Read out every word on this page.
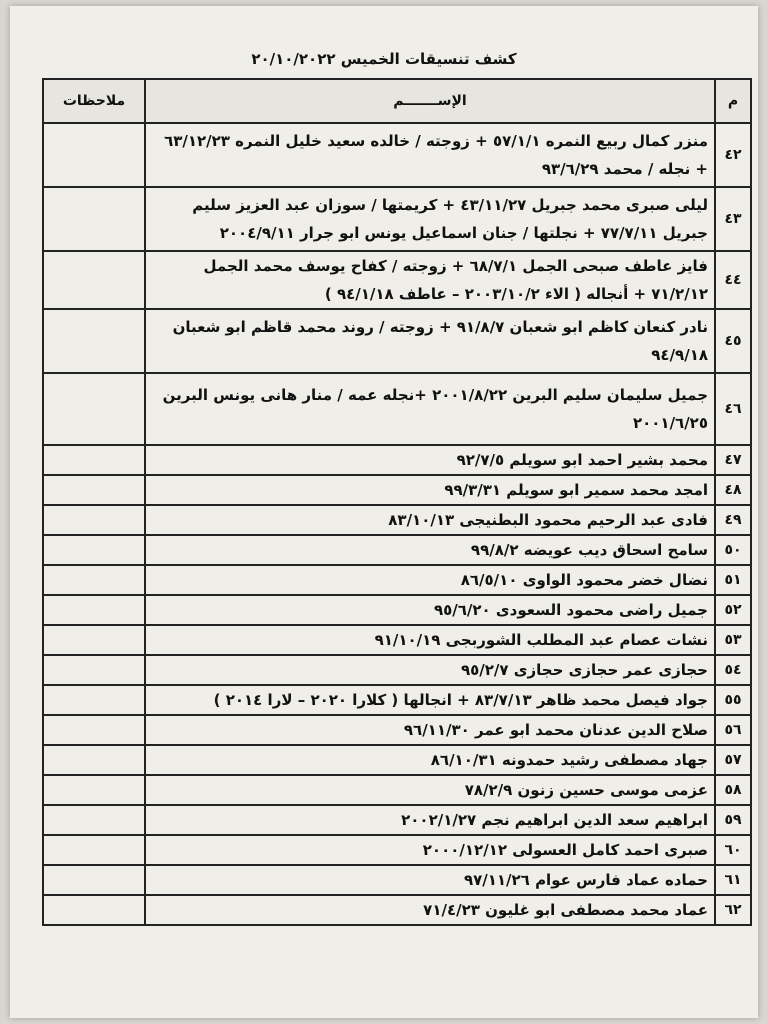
كشف تنسيقات الخميس ٢٠/١٠/٢٠٢٢
م	الإســـــــم	ملاحظات
٤٢	منزر كمال ربيع النمره ٥٧/١/١ + زوجته / خالده سعيد خليل النمره ٦٣/١٢/٢٣ + نجله / محمد ٩٣/٦/٢٩	
٤٣	ليلى صبرى محمد جبريل ٤٣/١١/٢٧ + كريمتها / سوزان عبد العزيز سليم جبريل ٧٧/٧/١١ + نجلتها / جنان اسماعيل يونس ابو جرار ٢٠٠٤/٩/١١	
٤٤	فايز عاطف صبحى الجمل ٦٨/٧/١ + زوجته / كفاح يوسف محمد الجمل ٧١/٢/١٢ + أنجاله ( الاء ٢٠٠٣/١٠/٢ – عاطف ٩٤/١/١٨ )	
٤٥	نادر كنعان كاظم ابو شعبان ٩١/٨/٧ + زوجته / روند محمد قاظم ابو شعبان ٩٤/٩/١٨	
٤٦	جميل سليمان سليم البرين ٢٠٠١/٨/٢٢ +نجله عمه / منار هانى يونس البرين ٢٠٠١/٦/٢٥	
٤٧	محمد بشير احمد ابو سويلم ٩٢/٧/٥	
٤٨	امجد محمد سمير ابو سويلم ٩٩/٣/٣١	
٤٩	فادى عبد الرحيم محمود البطنيجى ٨٣/١٠/١٣	
٥٠	سامح اسحاق ديب عويضه ٩٩/٨/٢	
٥١	نضال خضر محمود الواوى ٨٦/٥/١٠	
٥٢	جميل راضى محمود السعودى ٩٥/٦/٢٠	
٥٣	نشات عصام عبد المطلب الشوربجى ٩١/١٠/١٩	
٥٤	حجازى عمر حجازى حجازى ٩٥/٢/٧	
٥٥	جواد فيصل محمد ظاهر ٨٣/٧/١٣ + انجالها ( كلارا ٢٠٢٠ – لارا ٢٠١٤ )	
٥٦	صلاح الدين عدنان محمد ابو عمر ٩٦/١١/٣٠	
٥٧	جهاد مصطفى رشيد حمدونه ٨٦/١٠/٣١	
٥٨	عزمى موسى حسين زنون ٧٨/٢/٩	
٥٩	ابراهيم سعد الدين ابراهيم نجم ٢٠٠٢/١/٢٧	
٦٠	صبرى احمد كامل العسولى ٢٠٠٠/١٢/١٢	
٦١	حماده عماد فارس عوام ٩٧/١١/٢٦	
٦٢	عماد محمد مصطفى ابو غليون ٧١/٤/٢٣	
